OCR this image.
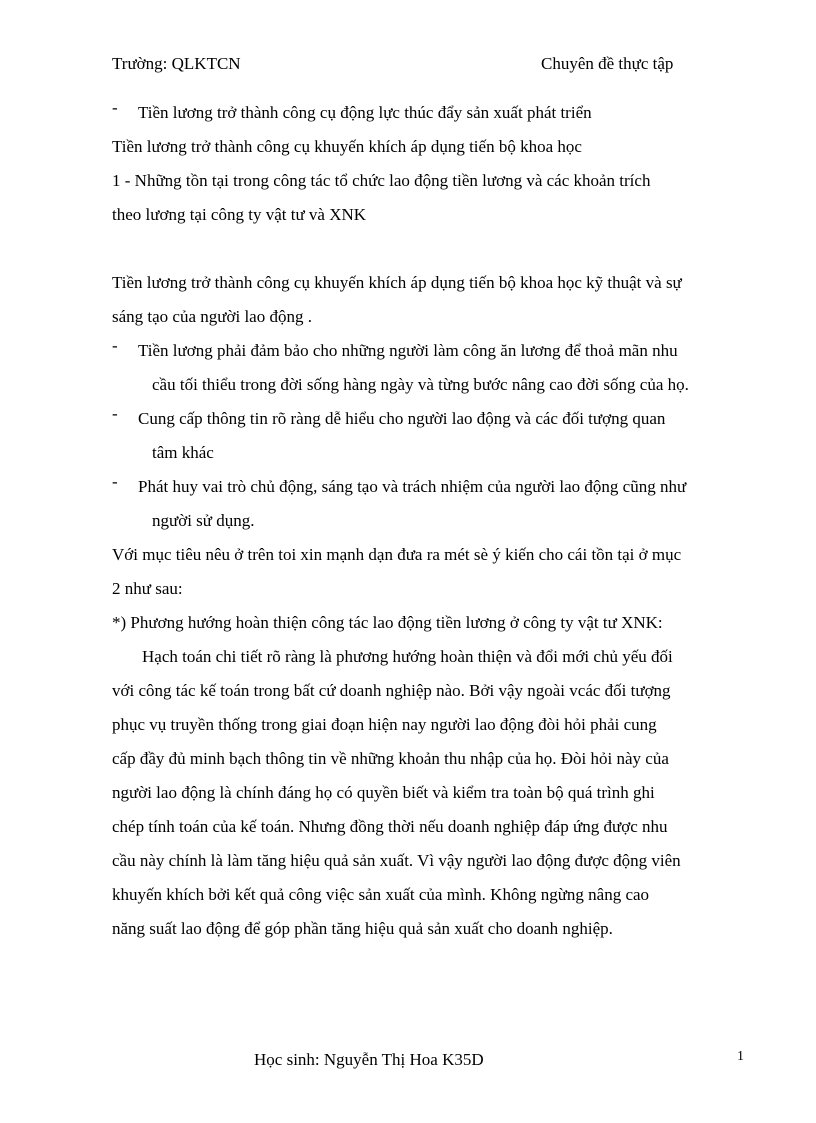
Trường: QLKTCN	Chuyên đề thực tập
-	Tiền lương trở thành công cụ động lực thúc đẩy sản xuất phát triển
Tiền lương trở thành công cụ khuyến khích áp dụng tiến bộ khoa học
1 - Những tồn tại trong công tác tổ chức lao động tiền lương và các khoản trích
theo lương tại công ty vật tư và XNK
Tiền lương trở thành công cụ khuyến khích áp dụng tiến bộ khoa học kỹ thuật và sự
sáng tạo của người lao động .
-	Tiền lương phải đảm bảo cho những người làm công ăn lương để thoả mãn nhu
cầu tối thiểu trong đời sống hàng ngày và từng bước nâng cao đời sống của họ.
-	Cung cấp thông tin rõ ràng dễ hiểu cho người lao động và các đối tượng quan
tâm khác
-	Phát huy vai trò chủ động, sáng tạo và trách nhiệm của người lao động cũng như
người sử dụng.
Với mục tiêu nêu ở trên toi xin mạnh dạn đưa ra mét sè ý kiến cho cái tồn tại ở mục
2 như sau:
*) Phương hướng hoàn thiện công tác lao động tiền lương ở công ty vật tư XNK:
Hạch toán chi tiết rõ ràng là phương hướng hoàn thiện và đổi mới chủ yếu đối
với công tác kế toán trong bất cứ doanh nghiệp nào. Bởi vậy ngoài vcác đối tượng
phục vụ truyền thống trong giai đoạn hiện nay người lao động đòi hỏi phải cung
cấp đầy đủ minh bạch thông tin về những khoản thu nhập của họ. Đòi hỏi này của
người lao động là chính đáng họ có quyền biết và kiểm tra toàn bộ quá trình ghi
chép tính toán của kế toán. Nhưng đồng thời nếu doanh nghiệp đáp ứng được nhu
cầu này chính là làm tăng hiệu quả sản xuất. Vì vậy người lao động được động viên
khuyến khích bởi kết quả công việc sản xuất của mình. Không ngừng nâng cao
năng suất lao động để góp phần tăng hiệu quả sản xuất cho doanh nghiệp.
Học sinh: Nguyễn Thị Hoa K35D	1
